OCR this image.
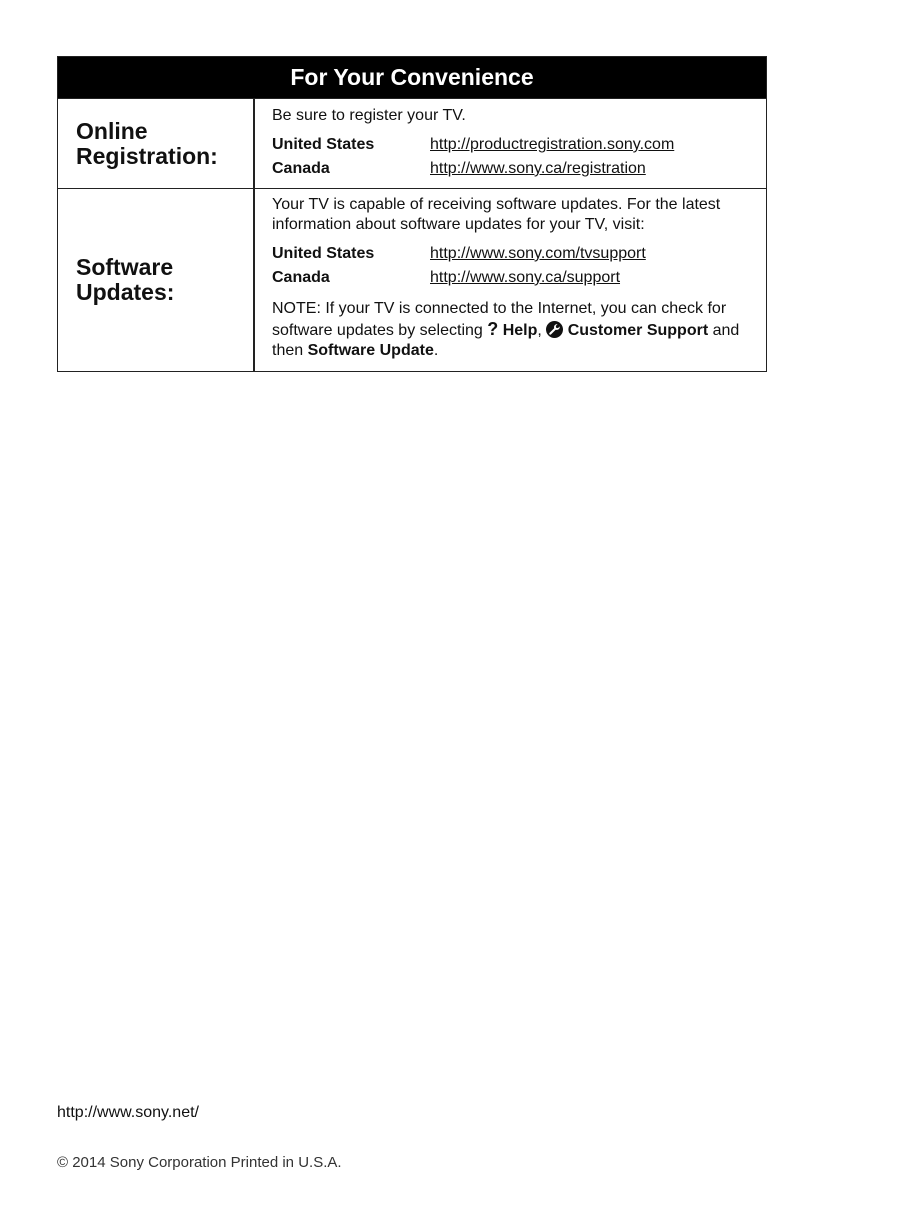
For Your Convenience
Online
Registration:

Be sure to register your TV.

United States	http://productregistration.sony.com
Canada	http://www.sony.ca/registration
Software
Updates:

Your TV is capable of receiving software updates. For the latest information about software updates for your TV, visit:

United States	http://www.sony.com/tvsupport
Canada	http://www.sony.ca/support

NOTE: If your TV is connected to the Internet, you can check for software updates by selecting ? Help,
Customer Support and then Software Update.

http://www.sony.net/
© 2014 Sony Corporation Printed in U.S.A.
